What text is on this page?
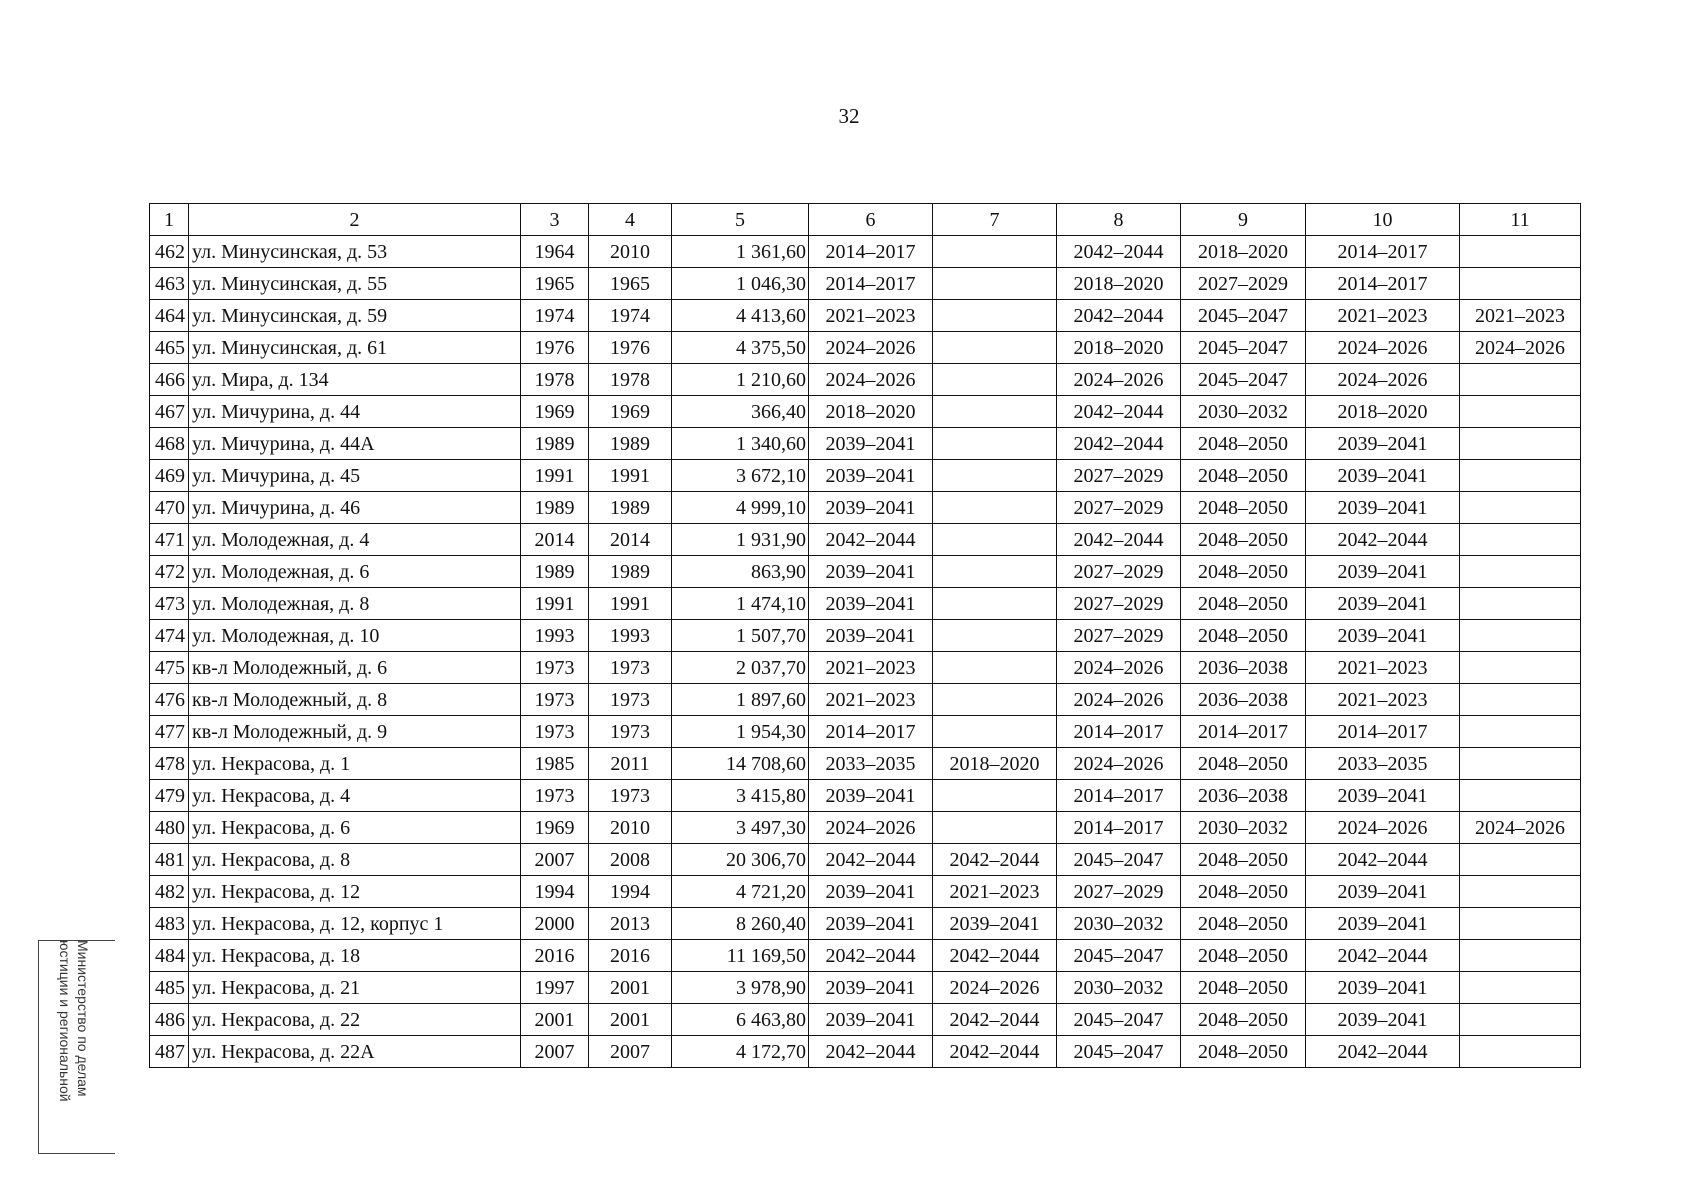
32
1	2	3	4	5	6	7	8	9	10	11
462	ул. Минусинская, д. 53	1964	2010	1 361,60	2014–2017		2042–2044	2018–2020	2014–2017	
463	ул. Минусинская, д. 55	1965	1965	1 046,30	2014–2017		2018–2020	2027–2029	2014–2017	
464	ул. Минусинская, д. 59	1974	1974	4 413,60	2021–2023		2042–2044	2045–2047	2021–2023	2021–2023
465	ул. Минусинская, д. 61	1976	1976	4 375,50	2024–2026		2018–2020	2045–2047	2024–2026	2024–2026
466	ул. Мира, д. 134	1978	1978	1 210,60	2024–2026		2024–2026	2045–2047	2024–2026	
467	ул. Мичурина, д. 44	1969	1969	366,40	2018–2020		2042–2044	2030–2032	2018–2020	
468	ул. Мичурина, д. 44А	1989	1989	1 340,60	2039–2041		2042–2044	2048–2050	2039–2041	
469	ул. Мичурина, д. 45	1991	1991	3 672,10	2039–2041		2027–2029	2048–2050	2039–2041	
470	ул. Мичурина, д. 46	1989	1989	4 999,10	2039–2041		2027–2029	2048–2050	2039–2041	
471	ул. Молодежная, д. 4	2014	2014	1 931,90	2042–2044		2042–2044	2048–2050	2042–2044	
472	ул. Молодежная, д. 6	1989	1989	863,90	2039–2041		2027–2029	2048–2050	2039–2041	
473	ул. Молодежная, д. 8	1991	1991	1 474,10	2039–2041		2027–2029	2048–2050	2039–2041	
474	ул. Молодежная, д. 10	1993	1993	1 507,70	2039–2041		2027–2029	2048–2050	2039–2041	
475	кв-л Молодежный, д. 6	1973	1973	2 037,70	2021–2023		2024–2026	2036–2038	2021–2023	
476	кв-л Молодежный, д. 8	1973	1973	1 897,60	2021–2023		2024–2026	2036–2038	2021–2023	
477	кв-л Молодежный, д. 9	1973	1973	1 954,30	2014–2017		2014–2017	2014–2017	2014–2017	
478	ул. Некрасова, д. 1	1985	2011	14 708,60	2033–2035	2018–2020	2024–2026	2048–2050	2033–2035	
479	ул. Некрасова, д. 4	1973	1973	3 415,80	2039–2041		2014–2017	2036–2038	2039–2041	
480	ул. Некрасова, д. 6	1969	2010	3 497,30	2024–2026		2014–2017	2030–2032	2024–2026	2024–2026
481	ул. Некрасова, д. 8	2007	2008	20 306,70	2042–2044	2042–2044	2045–2047	2048–2050	2042–2044	
482	ул. Некрасова, д. 12	1994	1994	4 721,20	2039–2041	2021–2023	2027–2029	2048–2050	2039–2041	
483	ул. Некрасова, д. 12, корпус 1	2000	2013	8 260,40	2039–2041	2039–2041	2030–2032	2048–2050	2039–2041	
484	ул. Некрасова, д. 18	2016	2016	11 169,50	2042–2044	2042–2044	2045–2047	2048–2050	2042–2044	
485	ул. Некрасова, д. 21	1997	2001	3 978,90	2039–2041	2024–2026	2030–2032	2048–2050	2039–2041	
486	ул. Некрасова, д. 22	2001	2001	6 463,80	2039–2041	2042–2044	2045–2047	2048–2050	2039–2041	
487	ул. Некрасова, д. 22А	2007	2007	4 172,70	2042–2044	2042–2044	2045–2047	2048–2050	2042–2044	
Министерство по делам
юстиции и региональной
